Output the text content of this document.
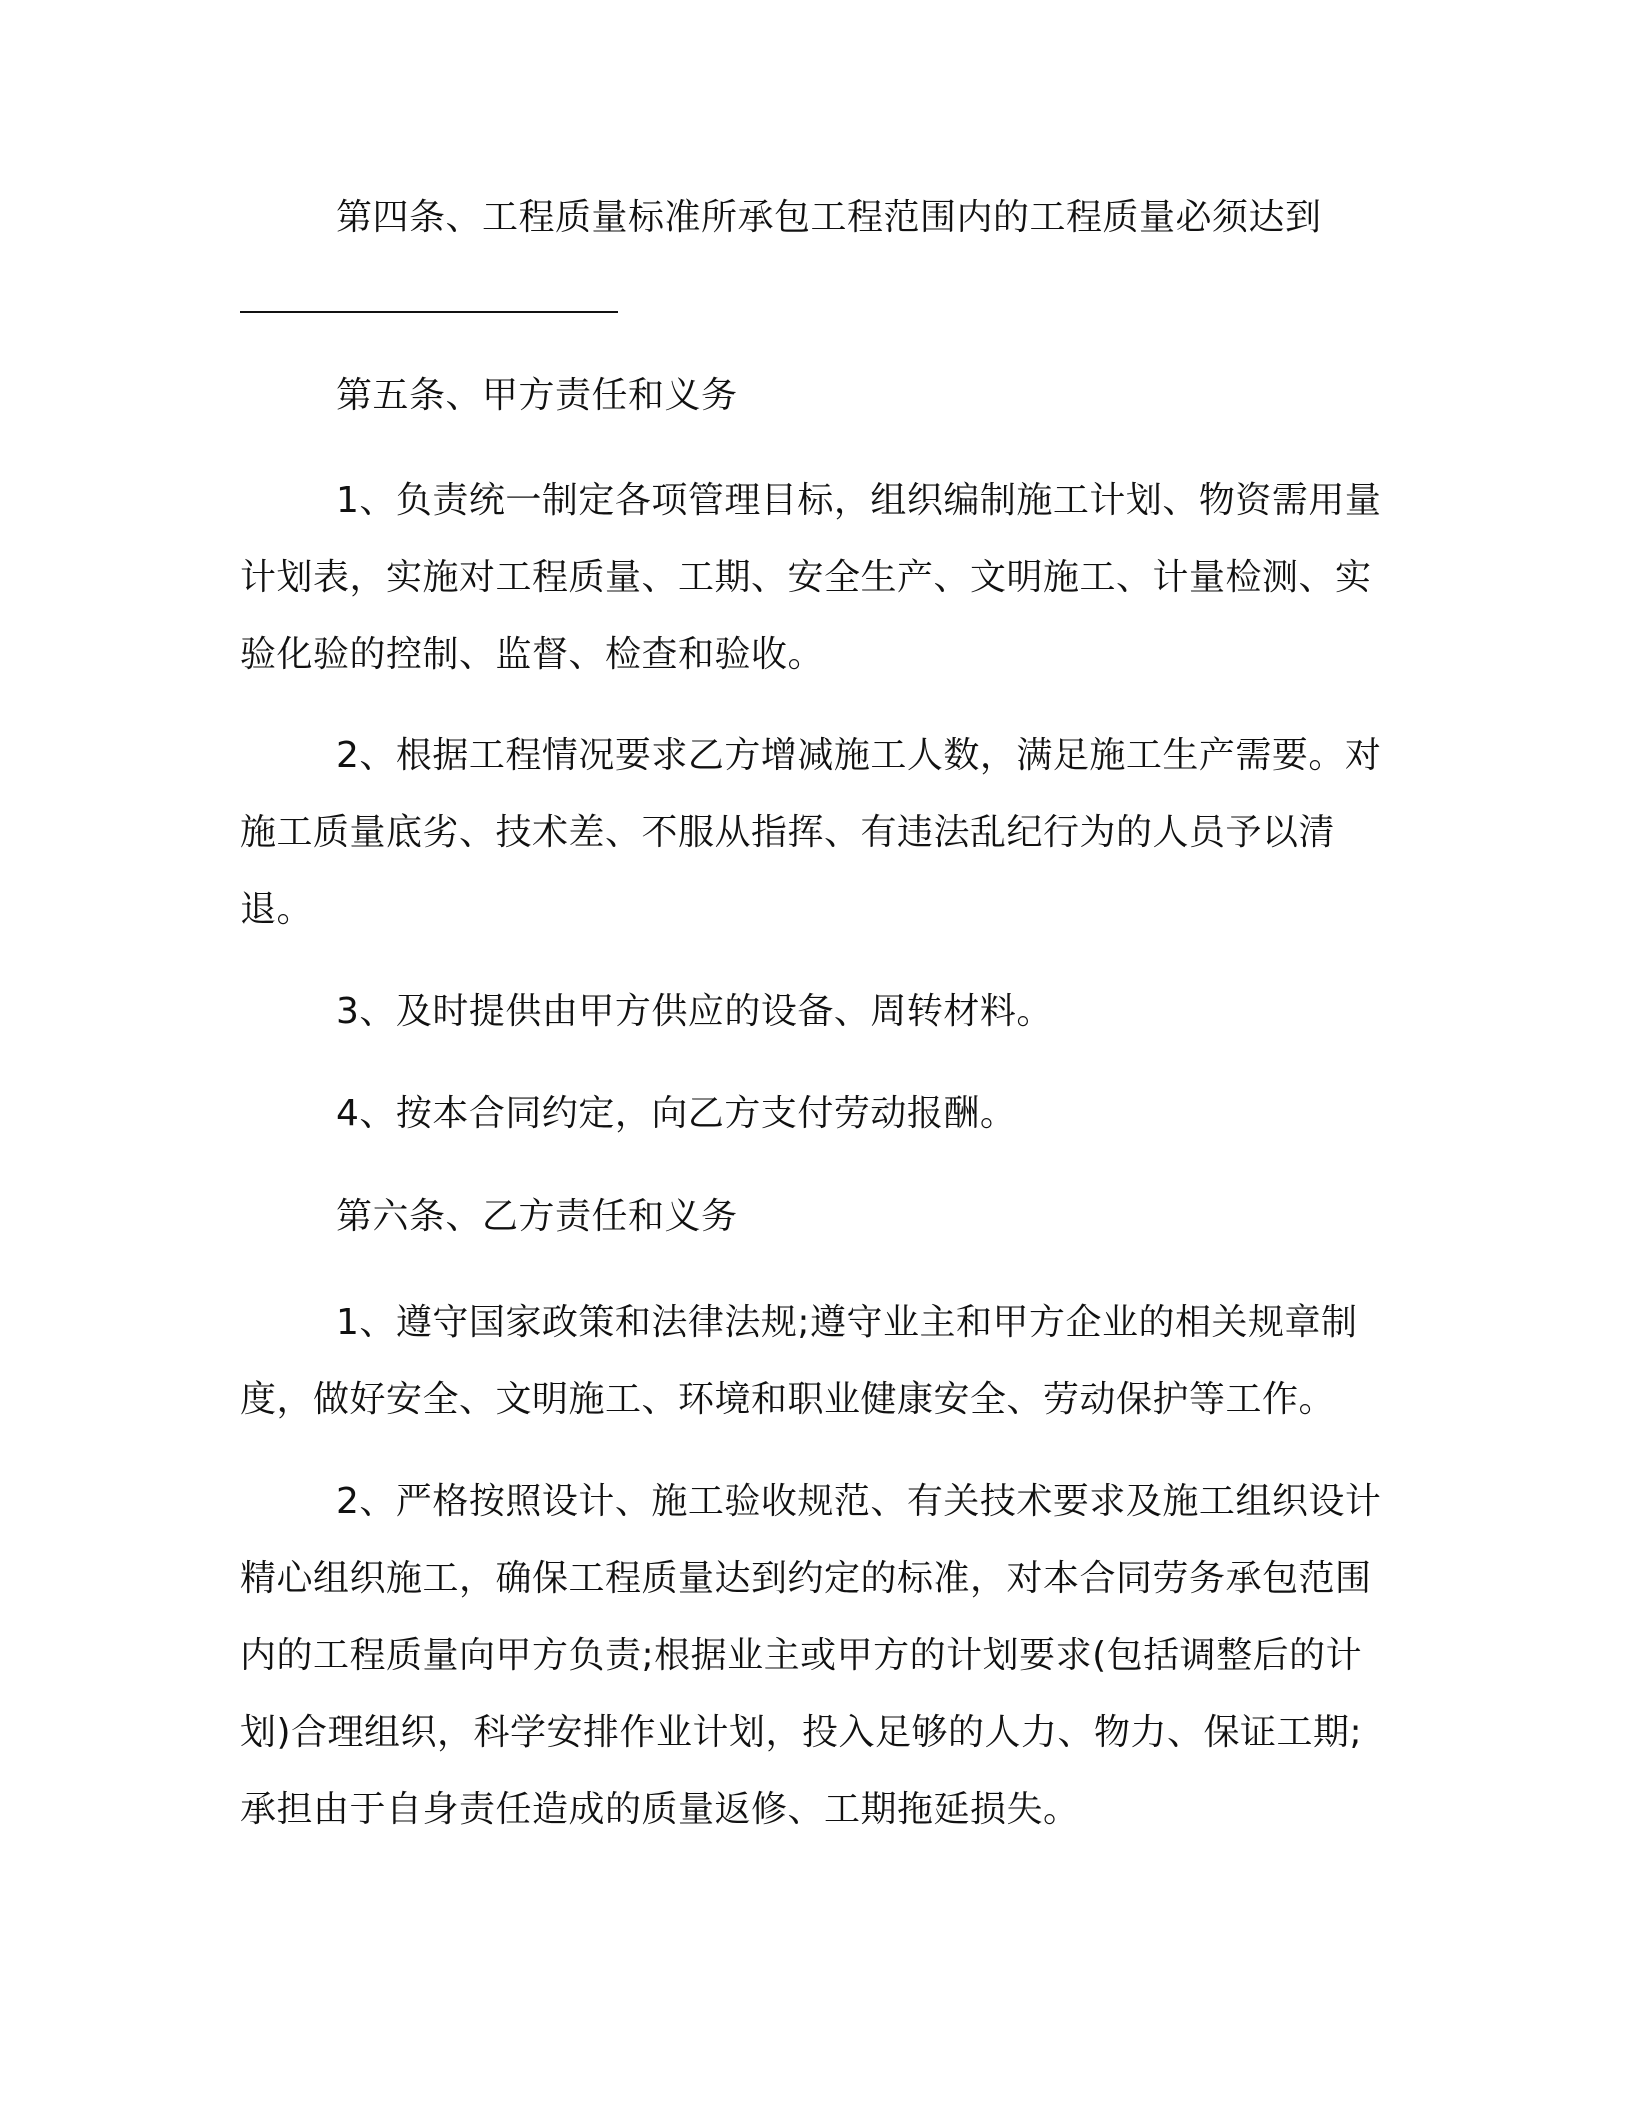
第四条、工程质量标准所承包工程范围内的工程质量必须达到

第五条、甲方责任和义务

1、负责统一制定各项管理目标，组织编制施工计划、物资需用量计划表，实施对工程质量、工期、安全生产、文明施工、计量检测、实验化验的控制、监督、检查和验收。

2、根据工程情况要求乙方增减施工人数，满足施工生产需要。对施工质量底劣、技术差、不服从指挥、有违法乱纪行为的人员予以清退。

3、及时提供由甲方供应的设备、周转材料。

4、按本合同约定，向乙方支付劳动报酬。

第六条、乙方责任和义务

1、遵守国家政策和法律法规;遵守业主和甲方企业的相关规章制度，做好安全、文明施工、环境和职业健康安全、劳动保护等工作。

2、严格按照设计、施工验收规范、有关技术要求及施工组织设计精心组织施工，确保工程质量达到约定的标准，对本合同劳务承包范围内的工程质量向甲方负责;根据业主或甲方的计划要求(包括调整后的计划)合理组织，科学安排作业计划，投入足够的人力、物力、保证工期;承担由于自身责任造成的质量返修、工期拖延损失。
